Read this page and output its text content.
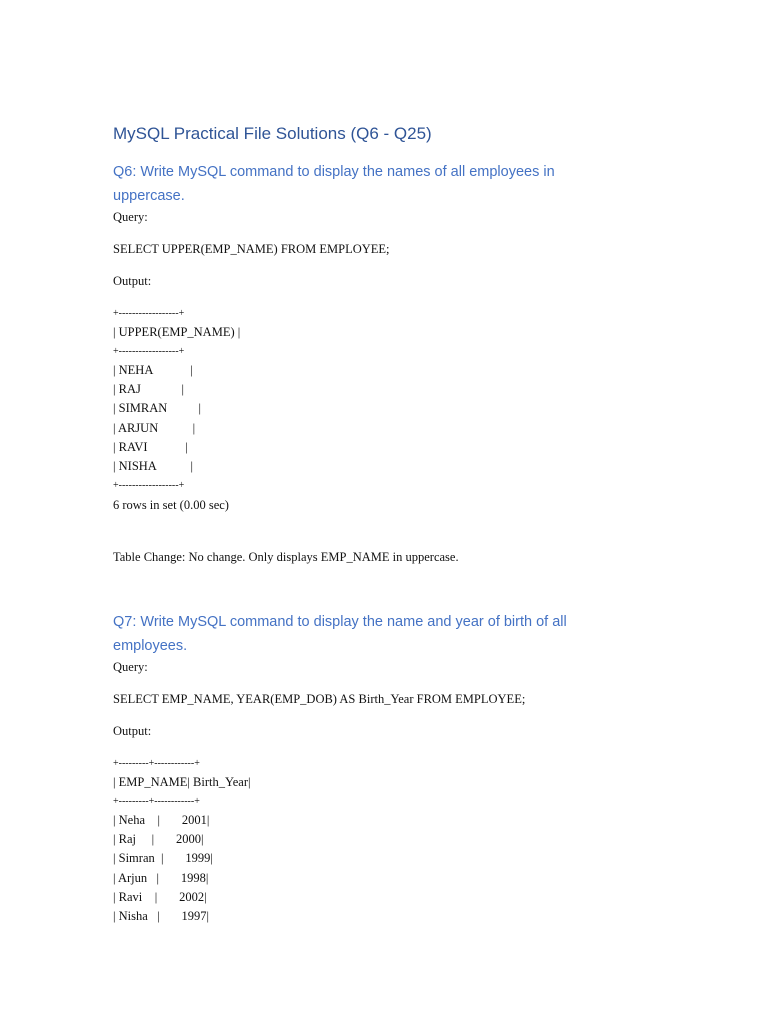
MySQL Practical File Solutions (Q6 - Q25)
Q6: Write MySQL command to display the names of all employees in uppercase.

Query:

SELECT UPPER(EMP_NAME) FROM EMPLOYEE;

Output:

+------------------+
| UPPER(EMP_NAME) |
+------------------+
| NEHA            |
| RAJ             |
| SIMRAN          |
| ARJUN           |
| RAVI            |
| NISHA           |
+------------------+

6 rows in set (0.00 sec)

Table Change: No change. Only displays EMP_NAME in uppercase.

Q7: Write MySQL command to display the name and year of birth of all employees.

Query:

SELECT EMP_NAME, YEAR(EMP_DOB) AS Birth_Year FROM EMPLOYEE;

Output:

+---------+------------+
| EMP_NAME| Birth_Year|
+---------+------------+
| Neha    |       2001|
| Raj     |       2000|
| Simran  |       1999|
| Arjun   |       1998|
| Ravi    |       2002|
| Nisha   |       1997|
